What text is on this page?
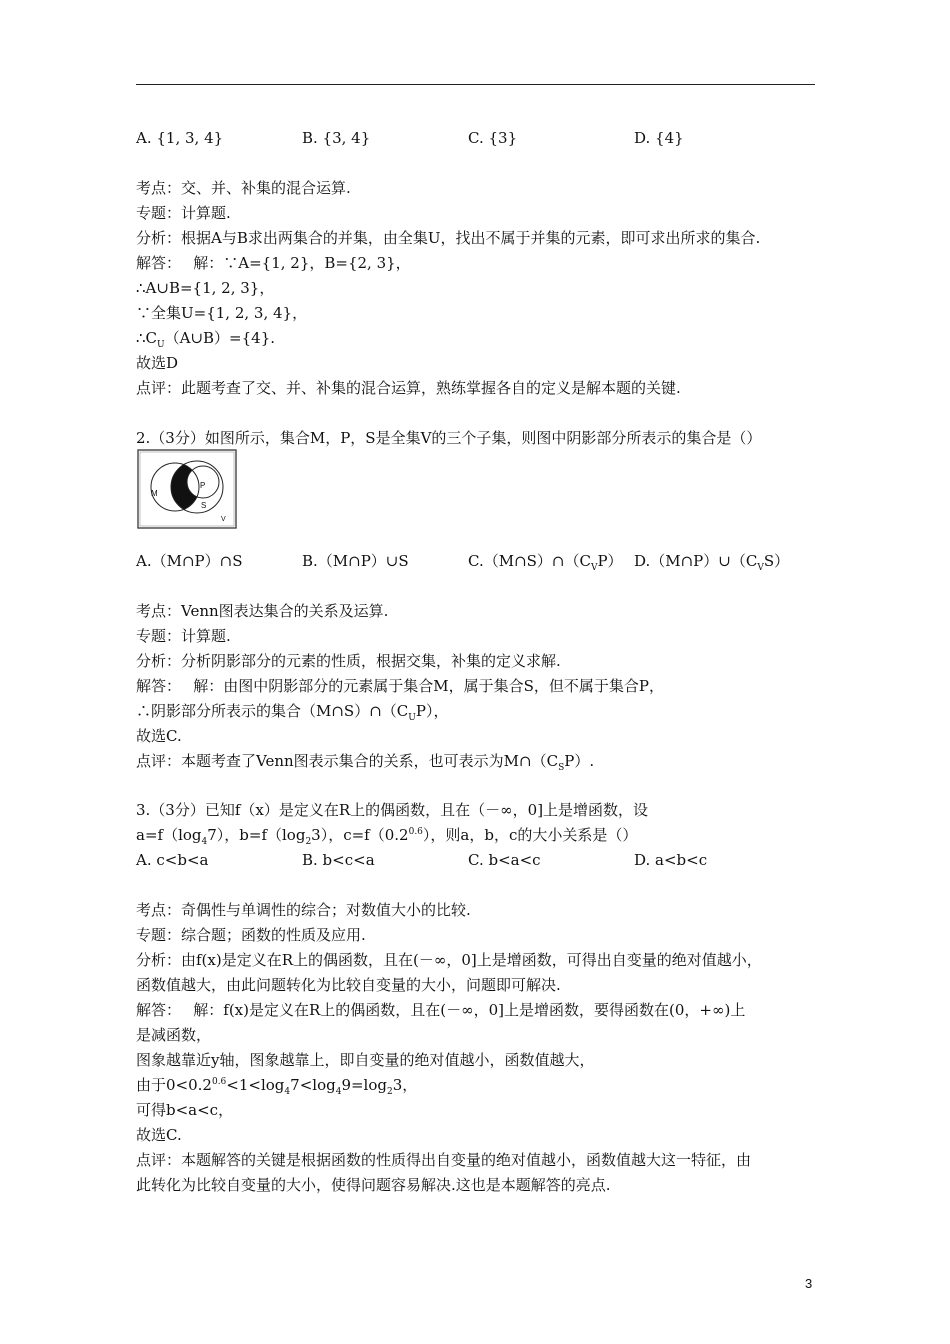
A. {1, 3, 4}	B. {3, 4}	C. {3}	D. {4}
考点：交、并、补集的混合运算.
专题：计算题.
分析：根据A与B求出两集合的并集，由全集U，找出不属于并集的元素，即可求出所求的集合.
解答：　 解：∵A={1, 2}，B={2, 3}，
∴A∪B={1, 2, 3}，
∵全集U={1, 2, 3, 4}，
$\therefore C_U(A\cup B)=\{4\}$.
故选D
点评：此题考查了交、并、补集的混合运算，熟练掌握各自的定义是解本题的关键.
2.（3分）如图所示，集合M，P，S是全集V的三个子集，则图中阴影部分所表示的集合是（）
M
P
S
V
A.（M∩P）∩S	B.（M∩P）∪S	$C.(M\cap S)\cap(C_VP)$ $D.(M\cap P)\cup(C_VS)$
考点：Venn图表达集合的关系及运算.
专题：计算题.
分析：分析阴影部分的元素的性质，根据交集，补集的定义求解.
解答：　 解：由图中阴影部分的元素属于集合M，属于集合S，但不属于集合P，
∴阴影部分所表示的集合$(M\cap S)\cap(C_UP)$，
故选C.
点评：本题考查了Venn图表示集合的关系，也可表示为$M\cap(C_SP)$.
3.（3分）已知f（x）是定义在R上的偶函数，且在（－∞，0]上是增函数，设
$a=f(\log_47)$，$b=f(\log_23)$，$c=f(0.2^{0.6})$，则a，b，c的大小关系是（）
A. c<b<a	B. b<c<a	C. b<a<c	D. a<b<c
考点：奇偶性与单调性的综合；对数值大小的比较.
专题：综合题；函数的性质及应用.
分析：由f(x)是定义在R上的偶函数，且在(－∞，0]上是增函数，可得出自变量的绝对值越小，
函数值越大，由此问题转化为比较自变量的大小，问题即可解决.
解答：　 解：f(x)是定义在R上的偶函数，且在(－∞，0]上是增函数，要得函数在(0，+∞)上
是减函数，
图象越靠近y轴，图象越靠上，即自变量的绝对值越小，函数值越大，
由于$0<0.2^{0.6}<1<\log_47<\log_49=\log_23$，
可得b<a<c，
故选C.
点评：本题解答的关键是根据函数的性质得出自变量的绝对值越小，函数值越大这一特征，由
此转化为比较自变量的大小，使得问题容易解决.这也是本题解答的亮点.
3
